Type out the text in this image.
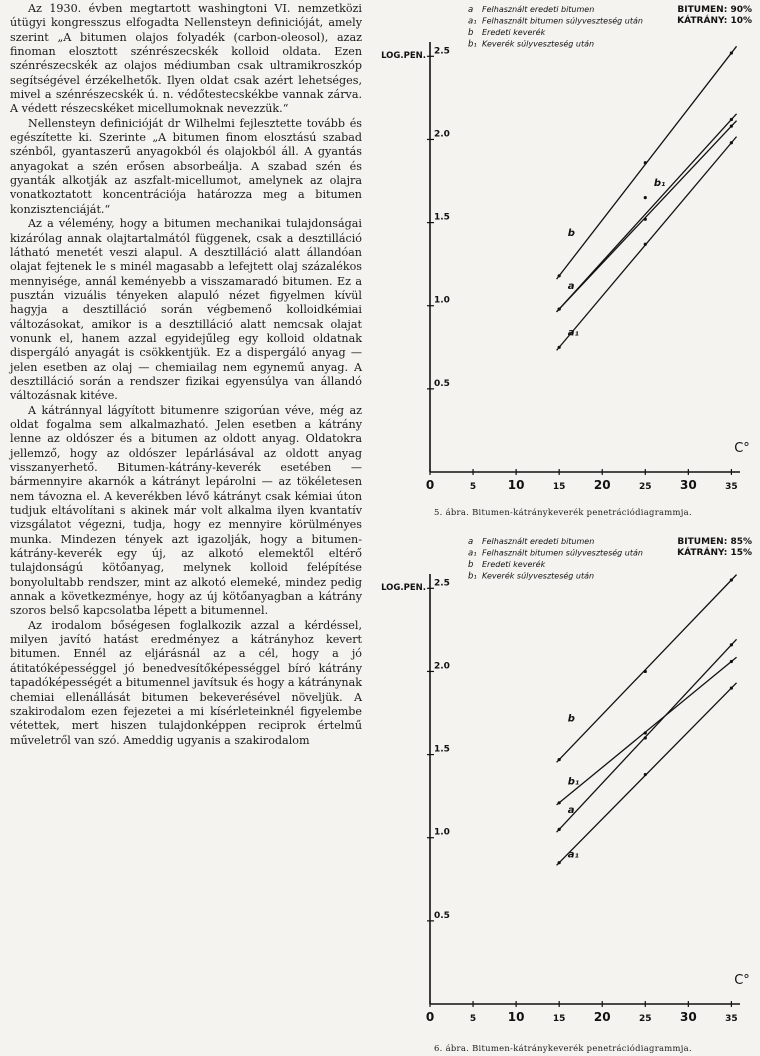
Az 1930. évben megtartott washingtoni VI. nemzetközi útügyi kongresszus elfogadta Nellensteyn definicióját, amely szerint „A bitumen olajos folyadék (carbon-oleosol), azaz finoman elosztott szénrészecskék kolloid oldata. Ezen szénrészecskék az olajos médiumban csak ultramikroszkóp segítségével érzékelhetők. Ilyen oldat csak azért lehetséges, mivel a szénrészecskék ú. n. védőtestecskékbe vannak zárva. A védett részecskéket micellumoknak nevezzük.“

Nellensteyn definicióját dr Wilhelmi fejlesztette tovább és egészítette ki. Szerinte „A bitumen finom elosztású szabad szénből, gyantaszerű anyagokból és olajokból áll. A gyantás anyagokat a szén erősen absorbeálja. A szabad szén és gyanták alkotják az aszfalt-micellumot, amelynek az olajra vonatkoztatott koncentrációja határozza meg a bitumen konzisztenciáját.“

Az a vélemény, hogy a bitumen mechanikai tulajdonságai kizárólag annak olajtartalmától függenek, csak a desztilláció látható menetét veszi alapul. A desztilláció alatt állandóan olajat fejtenek le s minél magasabb a lefejtett olaj százalékos mennyisége, annál keményebb a visszamaradó bitumen. Ez a pusztán vizuális tényeken alapuló nézet figyelmen kívül hagyja a desztilláció során végbemenő kolloidkémiai változásokat, amikor is a desztilláció alatt nemcsak olajat vonunk el, hanem azzal egyidejűleg egy kolloid oldatnak dispergáló anyagát is csökkentjük. Ez a dispergáló anyag — jelen esetben az olaj — chemiailag nem egynemű anyag. A desztilláció során a rendszer fizikai egyensúlya van állandó változásnak kitéve.

A kátránnyal lágyított bitumenre szigorúan véve, még az oldat fogalma sem alkalmazható. Jelen esetben a kátrány lenne az oldószer és a bitumen az oldott anyag. Oldatokra jellemző, hogy az oldószer lepárlásával az oldott anyag visszanyerhető. Bitumen-kátrány-keverék esetében — bármennyire akarnók a kátrányt lepárolni — az tökéletesen nem távozna el. A keverékben lévő kátrányt csak kémiai úton tudjuk eltávolítani s akinek már volt alkalma ilyen kvantatív vizsgálatot végezni, tudja, hogy ez mennyire körülményes munka. Mindezen tények azt igazolják, hogy a bitumen-kátrány-keverék egy új, az alkotó elemektől eltérő tulajdonságú kötőanyag, melynek kolloid felépítése bonyolultabb rendszer, mint az alkotó elemeké, mindez pedig annak a következménye, hogy az új kötőanyagban a kátrány szoros belső kapcsolatba lépett a bitumennel.

Az irodalom bőségesen foglalkozik azzal a kérdéssel, milyen javító hatást eredményez a kátrányhoz kevert bitumen. Ennél az eljárásnál az a cél, hogy a jó átitatóképességgel jó benedvesítőképességgel bíró kátrány tapadóképességét a bitumennel javítsuk és hogy a kátránynak chemiai ellenállását bitumen bekeverésével növeljük. A szakirodalom ezen fejezetei a mi kísérleteinknél figyelembe vétettek, mert hiszen tulajdonképpen reciprok értelmű műveletről van szó. Ameddig ugyanis a szakirodalom

0.5
1.0
1.5
2.0
2.5
0	5	10	15 20	25 30	35
LOG.PEN.
C°
BITUMEN: 90%
KÁTRÁNY: 10%
a Felhasznált eredeti bitumen
a₁ Felhasznált bitumen súlyveszteség után
b Eredeti keverék
b₁ Keverék súlyveszteség után
b
a
b₁
a₁
5. ábra. Bitumen-kátránykeverék penetrációdiagrammja.
0.5
1.0
1.5
2.0
2.5
0	5	10	15 20	25 30	35
LOG.PEN.
C°
BITUMEN: 85%
KÁTRÁNY: 15%
a Felhasznált eredeti bitumen
a₁ Felhasznált bitumen súlyveszteség után
b Eredeti keverék
b₁ Keverék súlyveszteség után
b
b₁
a
a₁
6. ábra. Bitumen-kátránykeverék penetrációdiagrammja.
